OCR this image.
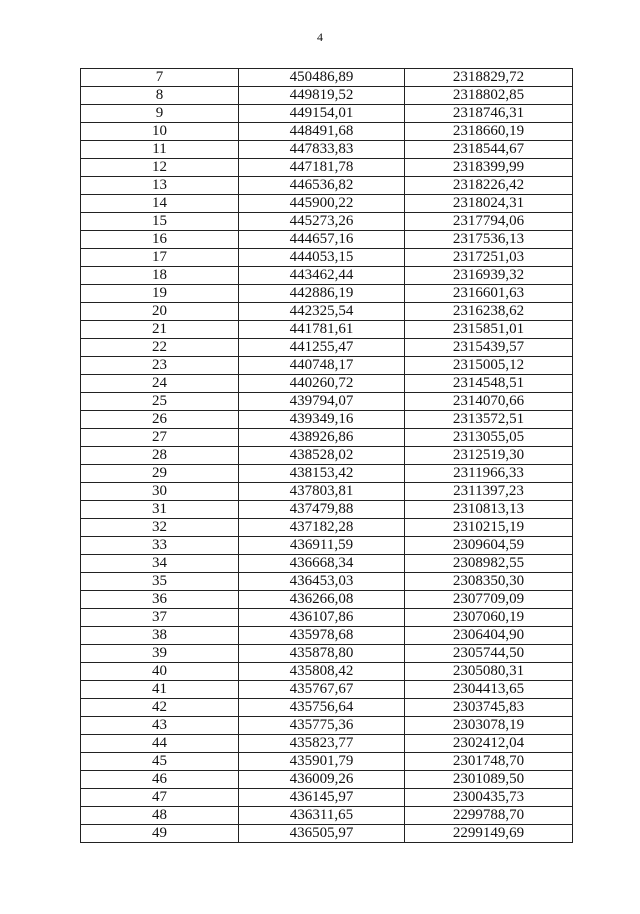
4
7	450486,89	2318829,72
8	449819,52	2318802,85
9	449154,01	2318746,31
10	448491,68	2318660,19
11	447833,83	2318544,67
12	447181,78	2318399,99
13	446536,82	2318226,42
14	445900,22	2318024,31
15	445273,26	2317794,06
16	444657,16	2317536,13
17	444053,15	2317251,03
18	443462,44	2316939,32
19	442886,19	2316601,63
20	442325,54	2316238,62
21	441781,61	2315851,01
22	441255,47	2315439,57
23	440748,17	2315005,12
24	440260,72	2314548,51
25	439794,07	2314070,66
26	439349,16	2313572,51
27	438926,86	2313055,05
28	438528,02	2312519,30
29	438153,42	2311966,33
30	437803,81	2311397,23
31	437479,88	2310813,13
32	437182,28	2310215,19
33	436911,59	2309604,59
34	436668,34	2308982,55
35	436453,03	2308350,30
36	436266,08	2307709,09
37	436107,86	2307060,19
38	435978,68	2306404,90
39	435878,80	2305744,50
40	435808,42	2305080,31
41	435767,67	2304413,65
42	435756,64	2303745,83
43	435775,36	2303078,19
44	435823,77	2302412,04
45	435901,79	2301748,70
46	436009,26	2301089,50
47	436145,97	2300435,73
48	436311,65	2299788,70
49	436505,97	2299149,69
